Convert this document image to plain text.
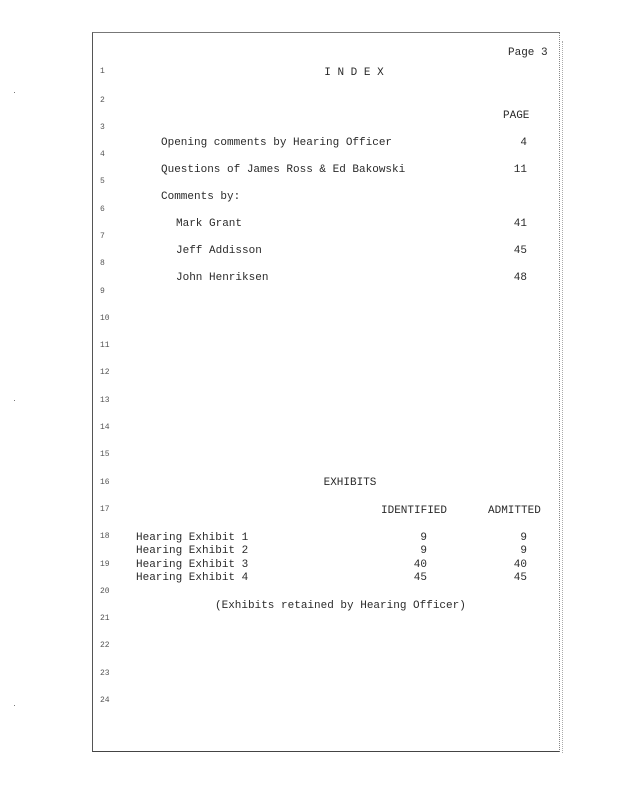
Page 3
I N D E X
1
2
3
4
5
6
7
8
9
10
11
12
13
14
15
16
17
18
19
20
21
22
23
24
PAGE
Opening comments by Hearing Officer	4
Questions of James Ross & Ed Bakowski	11
Comments by:
Mark Grant	41
Jeff Addisson	45
John Henriksen	48
EXHIBITS
IDENTIFIED	ADMITTED
Hearing Exhibit 1	9	9
Hearing Exhibit 2	9	9
Hearing Exhibit 3	40	40
Hearing Exhibit 4	45	45
(Exhibits retained by Hearing Officer)
